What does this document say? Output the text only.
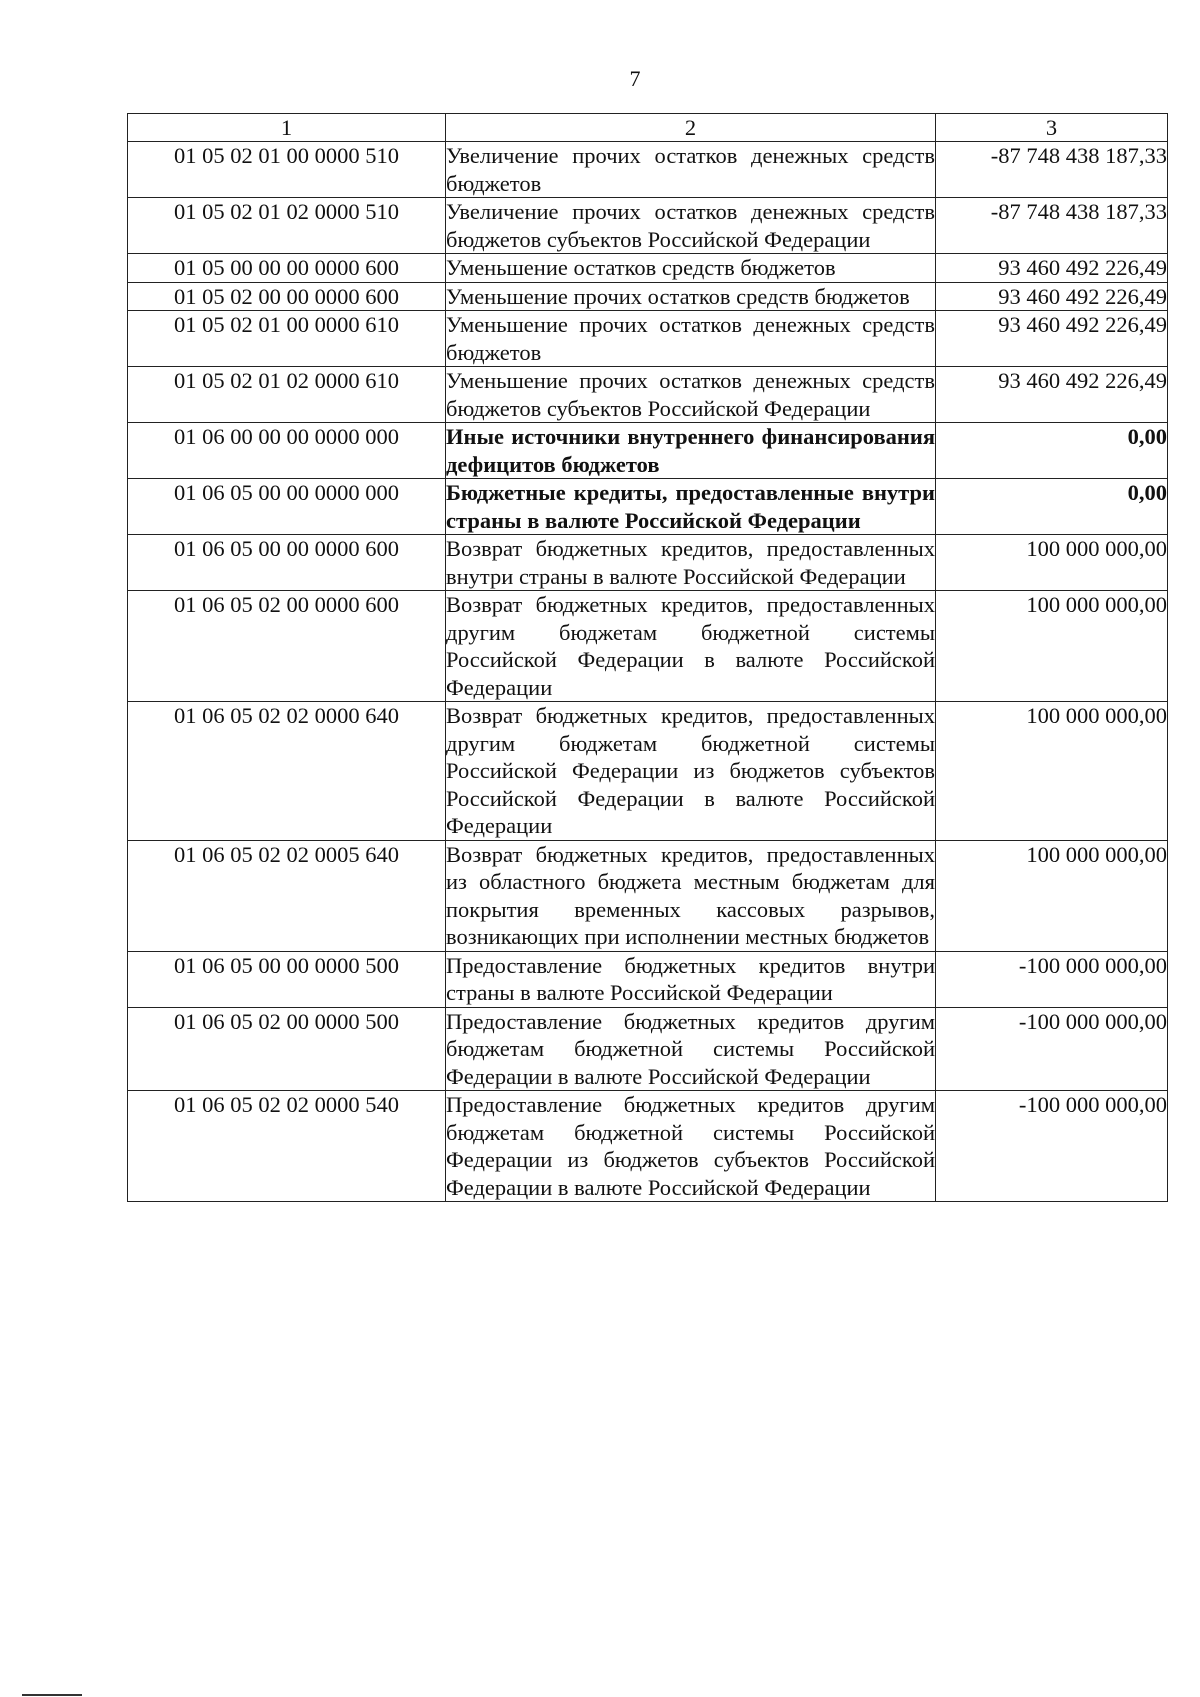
7
1	2	3
01 05 02 01 00 0000 510	Увеличение прочих остатков денежных средств бюджетов	-87 748 438 187,33
01 05 02 01 02 0000 510	Увеличение прочих остатков денежных средств бюджетов субъектов Российской Федерации	-87 748 438 187,33
01 05 00 00 00 0000 600	Уменьшение остатков средств бюджетов	93 460 492 226,49
01 05 02 00 00 0000 600	Уменьшение прочих остатков средств бюджетов	93 460 492 226,49
01 05 02 01 00 0000 610	Уменьшение прочих остатков денежных средств бюджетов	93 460 492 226,49
01 05 02 01 02 0000 610	Уменьшение прочих остатков денежных средств бюджетов субъектов Российской Федерации	93 460 492 226,49
01 06 00 00 00 0000 000	Иные источники внутреннего финансирования дефицитов бюджетов	0,00
01 06 05 00 00 0000 000	Бюджетные кредиты, предоставленные внутри страны в валюте Российской Федерации	0,00
01 06 05 00 00 0000 600	Возврат бюджетных кредитов, предоставленных внутри страны в валюте Российской Федерации	100 000 000,00
01 06 05 02 00 0000 600	Возврат бюджетных кредитов, предоставленных другим бюджетам бюджетной системы Российской Федерации в валюте Российской Федерации	100 000 000,00
01 06 05 02 02 0000 640	Возврат бюджетных кредитов, предоставленных другим бюджетам бюджетной системы Российской Федерации из бюджетов субъектов Российской Федерации в валюте Российской Федерации	100 000 000,00
01 06 05 02 02 0005 640	Возврат бюджетных кредитов, предоставленных из областного бюджета местным бюджетам для покрытия временных кассовых разрывов, возникающих при исполнении местных бюджетов	100 000 000,00
01 06 05 00 00 0000 500	Предоставление бюджетных кредитов внутри страны в валюте Российской Федерации	-100 000 000,00
01 06 05 02 00 0000 500	Предоставление бюджетных кредитов другим бюджетам бюджетной системы Российской Федерации в валюте Российской Федерации	-100 000 000,00
01 06 05 02 02 0000 540	Предоставление бюджетных кредитов другим бюджетам бюджетной системы Российской Федерации из бюджетов субъектов Российской Федерации в валюте Российской Федерации	-100 000 000,00
